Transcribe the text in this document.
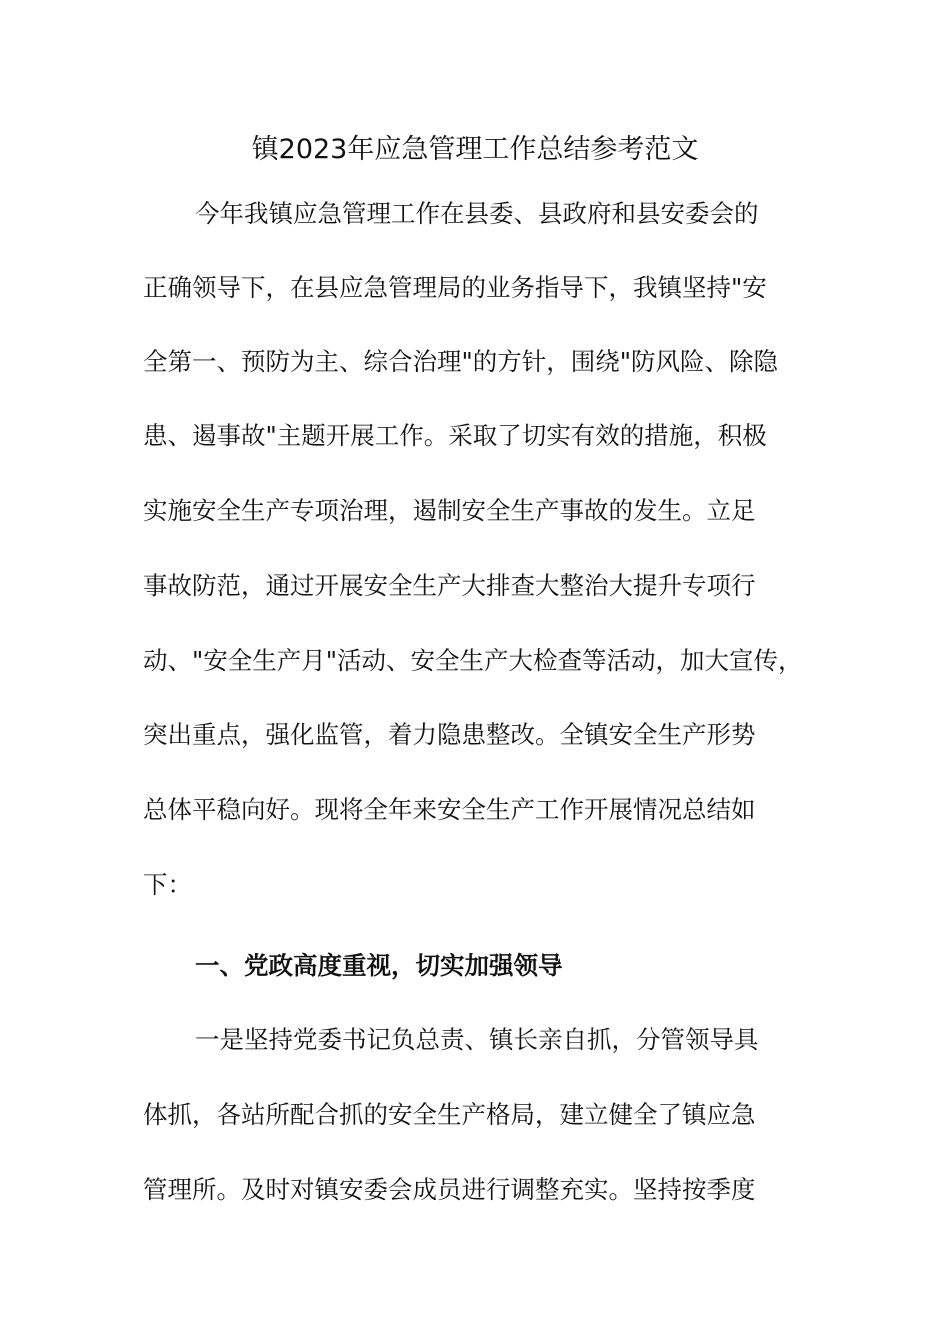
镇2023年应急管理工作总结参考范文
今年我镇应急管理工作在县委、县政府和县安委会的
正确领导下，在县应急管理局的业务指导下，我镇坚持"安
全第一、预防为主、综合治理"的方针，围绕"防风险、除隐
患、遏事故"主题开展工作。采取了切实有效的措施，积极
实施安全生产专项治理，遏制安全生产事故的发生。立足
事故防范，通过开展安全生产大排查大整治大提升专项行
动、"安全生产月"活动、安全生产大检查等活动，加大宣传，
突出重点，强化监管，着力隐患整改。全镇安全生产形势
总体平稳向好。现将全年来安全生产工作开展情况总结如
下：
一、党政高度重视，切实加强领导
一是坚持党委书记负总责、镇长亲自抓，分管领导具
体抓，各站所配合抓的安全生产格局，建立健全了镇应急
管理所。及时对镇安委会成员进行调整充实。坚持按季度
